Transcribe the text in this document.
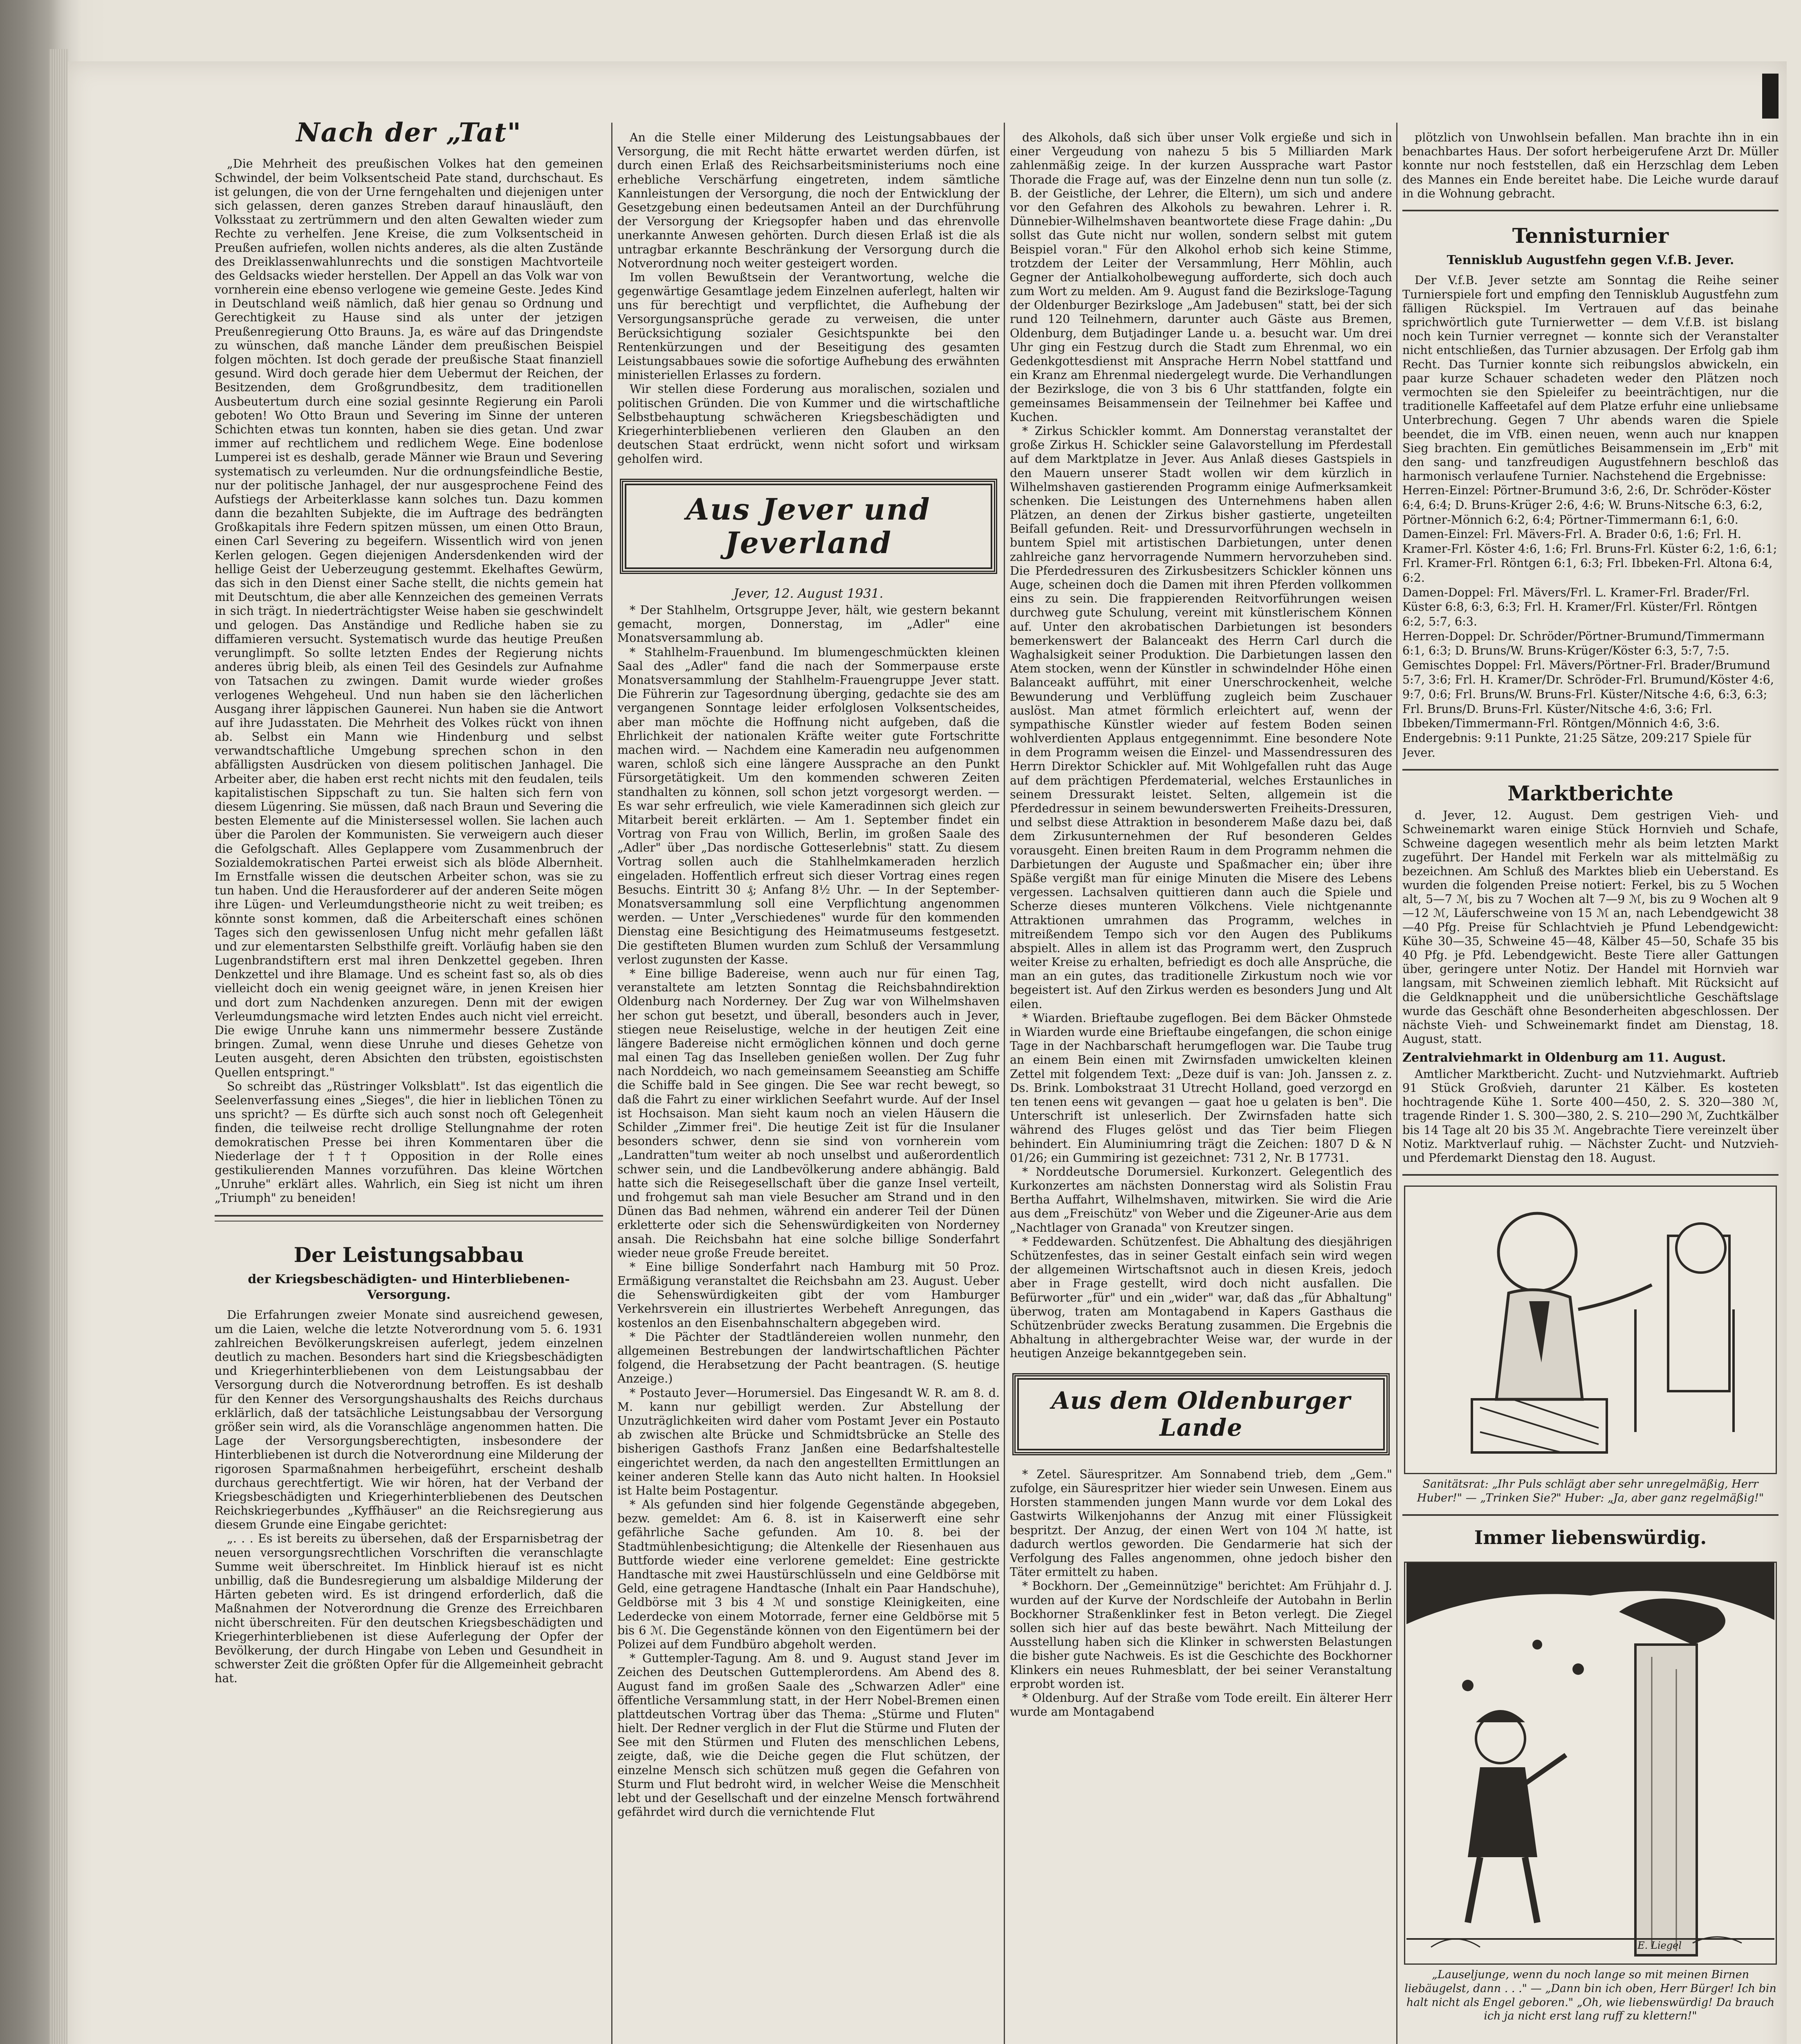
Nach der „Tat"

„Die Mehrheit des preußischen Volkes hat den gemeinen Schwindel, der beim Volksentscheid Pate stand, durchschaut. Es ist gelungen, die von der Urne ferngehalten und diejenigen unter sich gelassen, deren ganzes Streben darauf hinausläuft, den Volksstaat zu zertrümmern und den alten Gewalten wieder zum Rechte zu verhelfen. Jene Kreise, die zum Volksentscheid in Preußen aufriefen, wollen nichts anderes, als die alten Zustände des Dreiklassenwahlunrechts und die sonstigen Machtvorteile des Geldsacks wieder herstellen. Der Appell an das Volk war von vornherein eine ebenso verlogene wie gemeine Geste. Jedes Kind in Deutschland weiß nämlich, daß hier genau so Ordnung und Gerechtigkeit zu Hause sind als unter der jetzigen Preußenregierung Otto Brauns. Ja, es wäre auf das Dringendste zu wünschen, daß manche Länder dem preußischen Beispiel folgen möchten. Ist doch gerade der preußische Staat finanziell gesund. Wird doch gerade hier dem Uebermut der Reichen, der Besitzenden, dem Großgrundbesitz, dem traditionellen Ausbeutertum durch eine sozial gesinnte Regierung ein Paroli geboten! Wo Otto Braun und Severing im Sinne der unteren Schichten etwas tun konnten, haben sie dies getan. Und zwar immer auf rechtlichem und redlichem Wege. Eine bodenlose Lumperei ist es deshalb, gerade Männer wie Braun und Severing systematisch zu verleumden. Nur die ordnungsfeindliche Bestie, nur der politische Janhagel, der nur ausgesprochene Feind des Aufstiegs der Arbeiterklasse kann solches tun. Dazu kommen dann die bezahlten Subjekte, die im Auftrage des bedrängten Großkapitals ihre Federn spitzen müssen, um einen Otto Braun, einen Carl Severing zu begeifern. Wissentlich wird von jenen Kerlen gelogen. Gegen diejenigen Andersdenkenden wird der hellige Geist der Ueberzeugung gestemmt. Ekelhaftes Gewürm, das sich in den Dienst einer Sache stellt, die nichts gemein hat mit Deutschtum, die aber alle Kennzeichen des gemeinen Verrats in sich trägt. In niederträchtigster Weise haben sie geschwindelt und gelogen. Das Anständige und Redliche haben sie zu diffamieren versucht. Systematisch wurde das heutige Preußen verunglimpft. So sollte letzten Endes der Regierung nichts anderes übrig bleib, als einen Teil des Gesindels zur Aufnahme von Tatsachen zu zwingen. Damit wurde wieder großes verlogenes Wehgeheul. Und nun haben sie den lächerlichen Ausgang ihrer läppischen Gaunerei. Nun haben sie die Antwort auf ihre Judasstaten. Die Mehrheit des Volkes rückt von ihnen ab. Selbst ein Mann wie Hindenburg und selbst verwandtschaftliche Umgebung sprechen schon in den abfälligsten Ausdrücken von diesem politischen Janhagel. Die Arbeiter aber, die haben erst recht nichts mit den feudalen, teils kapitalistischen Sippschaft zu tun. Sie halten sich fern von diesem Lügenring. Sie müssen, daß nach Braun und Severing die besten Elemente auf die Ministersessel wollen. Sie lachen auch über die Parolen der Kommunisten. Sie verweigern auch dieser die Gefolgschaft. Alles Geplappere vom Zusammenbruch der Sozialdemokratischen Partei erweist sich als blöde Albernheit. Im Ernstfalle wissen die deutschen Arbeiter schon, was sie zu tun haben. Und die Herausforderer auf der anderen Seite mögen ihre Lügen- und Verleumdungstheorie nicht zu weit treiben; es könnte sonst kommen, daß die Arbeiterschaft eines schönen Tages sich den gewissenlosen Unfug nicht mehr gefallen läßt und zur elementarsten Selbsthilfe greift. Vorläufig haben sie den Lugenbrandstiftern erst mal ihren Denkzettel gegeben. Ihren Denkzettel und ihre Blamage. Und es scheint fast so, als ob dies vielleicht doch ein wenig geeignet wäre, in jenen Kreisen hier und dort zum Nachdenken anzuregen. Denn mit der ewigen Verleumdungsmache wird letzten Endes auch nicht viel erreicht. Die ewige Unruhe kann uns nimmermehr bessere Zustände bringen. Zumal, wenn diese Unruhe und dieses Gehetze von Leuten ausgeht, deren Absichten den trübsten, egoistischsten Quellen entspringt."

So schreibt das „Rüstringer Volksblatt". Ist das eigentlich die Seelenverfassung eines „Sieges", die hier in lieblichen Tönen zu uns spricht? — Es dürfte sich auch sonst noch oft Gelegenheit finden, die teilweise recht drollige Stellungnahme der roten demokratischen Presse bei ihren Kommentaren über die Niederlage der ††† Opposition in der Rolle eines gestikulierenden Mannes vorzuführen. Das kleine Wörtchen „Unruhe" erklärt alles. Wahrlich, ein Sieg ist nicht um ihren „Triumph" zu beneiden!

Der Leistungsabbau
der Kriegsbeschädigten- und Hinterbliebenen-Versorgung.

Die Erfahrungen zweier Monate sind ausreichend gewesen, um die Laien, welche die letzte Notverordnung vom 5. 6. 1931 zahlreichen Bevölkerungskreisen auferlegt, jedem einzelnen deutlich zu machen. Besonders hart sind die Kriegsbeschädigten und Kriegerhinterbliebenen von dem Leistungsabbau der Versorgung durch die Notverordnung betroffen. Es ist deshalb für den Kenner des Versorgungshaushalts des Reichs durchaus erklärlich, daß der tatsächliche Leistungsabbau der Versorgung größer sein wird, als die Voranschläge angenommen hatten. Die Lage der Versorgungsberechtigten, insbesondere der Hinterbliebenen ist durch die Notverordnung eine Milderung der rigorosen Sparmaßnahmen herbeigeführt, erscheint deshalb durchaus gerechtfertigt. Wie wir hören, hat der Verband der Kriegsbeschädigten und Kriegerhinterbliebenen des Deutschen Reichskriegerbundes „Kyffhäuser" an die Reichsregierung aus diesem Grunde eine Eingabe gerichtet:

„. . . Es ist bereits zu übersehen, daß der Ersparnisbetrag der neuen versorgungsrechtlichen Vorschriften die veranschlagte Summe weit überschreitet. Im Hinblick hierauf ist es nicht unbillig, daß die Bundesregierung um alsbaldige Milderung der Härten gebeten wird. Es ist dringend erforderlich, daß die Maßnahmen der Notverordnung die Grenze des Erreichbaren nicht überschreiten. Für den deutschen Kriegsbeschädigten und Kriegerhinterbliebenen ist diese Auferlegung der Opfer der Bevölkerung, der durch Hingabe von Leben und Gesundheit in schwerster Zeit die größten Opfer für die Allgemeinheit gebracht hat.

An die Stelle einer Milderung des Leistungsabbaues der Versorgung, die mit Recht hätte erwartet werden dürfen, ist durch einen Erlaß des Reichsarbeitsministeriums noch eine erhebliche Verschärfung eingetreten, indem sämtliche Kannleistungen der Versorgung, die noch der Entwicklung der Gesetzgebung einen bedeutsamen Anteil an der Durchführung der Versorgung der Kriegsopfer haben und das ehrenvolle unerkannte Anwesen gehörten. Durch diesen Erlaß ist die als untragbar erkannte Beschränkung der Versorgung durch die Notverordnung noch weiter gesteigert worden.

Im vollen Bewußtsein der Verantwortung, welche die gegenwärtige Gesamtlage jedem Einzelnen auferlegt, halten wir uns für berechtigt und verpflichtet, die Aufhebung der Versorgungsansprüche gerade zu verweisen, die unter Berücksichtigung sozialer Gesichtspunkte bei den Rentenkürzungen und der Beseitigung des gesamten Leistungsabbaues sowie die sofortige Aufhebung des erwähnten ministeriellen Erlasses zu fordern.

Wir stellen diese Forderung aus moralischen, sozialen und politischen Gründen. Die von Kummer und die wirtschaftliche Selbstbehauptung schwächeren Kriegsbeschädigten und Kriegerhinterbliebenen verlieren den Glauben an den deutschen Staat erdrückt, wenn nicht sofort und wirksam geholfen wird.

Aus Jever und Jeverland
Jever, 12. August 1931.

* Der Stahlhelm, Ortsgruppe Jever, hält, wie gestern bekannt gemacht, morgen, Donnerstag, im „Adler" eine Monatsversammlung ab.

* Stahlhelm-Frauenbund. Im blumengeschmückten kleinen Saal des „Adler" fand die nach der Sommerpause erste Monatsversammlung der Stahlhelm-Frauengruppe Jever statt. Die Führerin zur Tagesordnung überging, gedachte sie des am vergangenen Sonntage leider erfolglosen Volksentscheides, aber man möchte die Hoffnung nicht aufgeben, daß die Ehrlichkeit der nationalen Kräfte weiter gute Fortschritte machen wird. — Nachdem eine Kameradin neu aufgenommen waren, schloß sich eine längere Aussprache an den Punkt Fürsorgetätigkeit. Um den kommenden schweren Zeiten standhalten zu können, soll schon jetzt vorgesorgt werden. — Es war sehr erfreulich, wie viele Kameradinnen sich gleich zur Mitarbeit bereit erklärten. — Am 1. September findet ein Vortrag von Frau von Willich, Berlin, im großen Saale des „Adler" über „Das nordische Gotteserlebnis" statt. Zu diesem Vortrag sollen auch die Stahlhelmkameraden herzlich eingeladen. Hoffentlich erfreut sich dieser Vortrag eines regen Besuchs. Eintritt 30 ₰; Anfang 8½ Uhr. — In der September-Monatsversammlung soll eine Verpflichtung angenommen werden. — Unter „Verschiedenes" wurde für den kommenden Dienstag eine Besichtigung des Heimatmuseums festgesetzt. Die gestifteten Blumen wurden zum Schluß der Versammlung verlost zugunsten der Kasse.

* Eine billige Badereise, wenn auch nur für einen Tag, veranstaltete am letzten Sonntag die Reichsbahndirektion Oldenburg nach Norderney. Der Zug war von Wilhelmshaven her schon gut besetzt, und überall, besonders auch in Jever, stiegen neue Reiselustige, welche in der heutigen Zeit eine längere Badereise nicht ermöglichen können und doch gerne mal einen Tag das Inselleben genießen wollen. Der Zug fuhr nach Norddeich, wo nach gemeinsamem Seeanstieg am Schiffe die Schiffe bald in See gingen. Die See war recht bewegt, so daß die Fahrt zu einer wirklichen Seefahrt wurde. Auf der Insel ist Hochsaison. Man sieht kaum noch an vielen Häusern die Schilder „Zimmer frei". Die heutige Zeit ist für die Insulaner besonders schwer, denn sie sind von vornherein vom „Landratten"tum weiter ab noch unselbst und außerordentlich schwer sein, und die Landbevölkerung andere abhängig. Bald hatte sich die Reisegesellschaft über die ganze Insel verteilt, und frohgemut sah man viele Besucher am Strand und in den Dünen das Bad nehmen, während ein anderer Teil der Dünen erkletterte oder sich die Sehenswürdigkeiten von Norderney ansah. Die Reichsbahn hat eine solche billige Sonderfahrt wieder neue große Freude bereitet.

* Eine billige Sonderfahrt nach Hamburg mit 50 Proz. Ermäßigung veranstaltet die Reichsbahn am 23. August. Ueber die Sehenswürdigkeiten gibt der vom Hamburger Verkehrsverein ein illustriertes Werbeheft Anregungen, das kostenlos an den Eisenbahnschaltern abgegeben wird.

* Die Pächter der Stadtländereien wollen nunmehr, den allgemeinen Bestrebungen der landwirtschaftlichen Pächter folgend, die Herabsetzung der Pacht beantragen. (S. heutige Anzeige.)

* Postauto Jever—Horumersiel. Das Eingesandt W. R. am 8. d. M. kann nur gebilligt werden. Zur Abstellung der Unzuträglichkeiten wird daher vom Postamt Jever ein Postauto ab zwischen alte Brücke und Schmidtsbrücke an Stelle des bisherigen Gasthofs Franz Janßen eine Bedarfshaltestelle eingerichtet werden, da nach den angestellten Ermittlungen an keiner anderen Stelle kann das Auto nicht halten. In Hooksiel ist Halte beim Postagentur.

* Als gefunden sind hier folgende Gegenstände abgegeben, bezw. gemeldet: Am 6. 8. ist in Kaiserwerft eine sehr gefährliche Sache gefunden. Am 10. 8. bei der Stadtmühlenbesichtigung; die Altenkelle der Riesenhauen aus Buttforde wieder eine verlorene gemeldet: Eine gestrickte Handtasche mit zwei Haustürschlüsseln und eine Geldbörse mit Geld, eine getragene Handtasche (Inhalt ein Paar Handschuhe), Geldbörse mit 3 bis 4 ℳ und sonstige Kleinigkeiten, eine Lederdecke von einem Motorrade, ferner eine Geldbörse mit 5 bis 6 ℳ. Die Gegenstände können von den Eigentümern bei der Polizei auf dem Fundbüro abgeholt werden.

* Guttempler-Tagung. Am 8. und 9. August stand Jever im Zeichen des Deutschen Guttemplerordens. Am Abend des 8. August fand im großen Saale des „Schwarzen Adler" eine öffentliche Versammlung statt, in der Herr Nobel-Bremen einen plattdeutschen Vortrag über das Thema: „Stürme und Fluten" hielt. Der Redner verglich in der Flut die Stürme und Fluten der See mit den Stürmen und Fluten des menschlichen Lebens, zeigte, daß, wie die Deiche gegen die Flut schützen, der einzelne Mensch sich schützen muß gegen die Gefahren von Sturm und Flut bedroht wird, in welcher Weise die Menschheit lebt und der Gesellschaft und der einzelne Mensch fortwährend gefährdet wird durch die vernichtende Flut

des Alkohols, daß sich über unser Volk ergieße und sich in einer Vergeudung von nahezu 5 bis 5 Milliarden Mark zahlenmäßig zeige. In der kurzen Aussprache wart Pastor Thorade die Frage auf, was der Einzelne denn nun tun solle (z. B. der Geistliche, der Lehrer, die Eltern), um sich und andere vor den Gefahren des Alkohols zu bewahren. Lehrer i. R. Dünnebier-Wilhelmshaven beantwortete diese Frage dahin: „Du sollst das Gute nicht nur wollen, sondern selbst mit gutem Beispiel voran." Für den Alkohol erhob sich keine Stimme, trotzdem der Leiter der Versammlung, Herr Möhlin, auch Gegner der Antialkoholbewegung aufforderte, sich doch auch zum Wort zu melden. Am 9. August fand die Bezirksloge-Tagung der Oldenburger Bezirksloge „Am Jadebusen" statt, bei der sich rund 120 Teilnehmern, darunter auch Gäste aus Bremen, Oldenburg, dem Butjadinger Lande u. a. besucht war. Um drei Uhr ging ein Festzug durch die Stadt zum Ehrenmal, wo ein Gedenkgottesdienst mit Ansprache Herrn Nobel stattfand und ein Kranz am Ehrenmal niedergelegt wurde. Die Verhandlungen der Bezirksloge, die von 3 bis 6 Uhr stattfanden, folgte ein gemeinsames Beisammensein der Teilnehmer bei Kaffee und Kuchen.

* Zirkus Schickler kommt. Am Donnerstag veranstaltet der große Zirkus H. Schickler seine Galavorstellung im Pferdestall auf dem Marktplatze in Jever. Aus Anlaß dieses Gastspiels in den Mauern unserer Stadt wollen wir dem kürzlich in Wilhelmshaven gastierenden Programm einige Aufmerksamkeit schenken. Die Leistungen des Unternehmens haben allen Plätzen, an denen der Zirkus bisher gastierte, ungeteilten Beifall gefunden. Reit- und Dressurvorführungen wechseln in buntem Spiel mit artistischen Darbietungen, unter denen zahlreiche ganz hervorragende Nummern hervorzuheben sind. Die Pferdedressuren des Zirkusbesitzers Schickler können uns Auge, scheinen doch die Damen mit ihren Pferden vollkommen eins zu sein. Die frappierenden Reitvorführungen weisen durchweg gute Schulung, vereint mit künstlerischem Können auf. Unter den akrobatischen Darbietungen ist besonders bemerkenswert der Balanceakt des Herrn Carl durch die Waghalsigkeit seiner Produktion. Die Darbietungen lassen den Atem stocken, wenn der Künstler in schwindelnder Höhe einen Balanceakt aufführt, mit einer Unerschrockenheit, welche Bewunderung und Verblüffung zugleich beim Zuschauer auslöst. Man atmet förmlich erleichtert auf, wenn der sympathische Künstler wieder auf festem Boden seinen wohlverdienten Applaus entgegennimmt. Eine besondere Note in dem Programm weisen die Einzel- und Massendressuren des Herrn Direktor Schickler auf. Mit Wohlgefallen ruht das Auge auf dem prächtigen Pferdematerial, welches Erstaunliches in seinem Dressurakt leistet. Selten, allgemein ist die Pferdedressur in seinem bewunderswerten Freiheits-Dressuren, und selbst diese Attraktion in besonderem Maße dazu bei, daß dem Zirkusunternehmen der Ruf besonderen Geldes vorausgeht. Einen breiten Raum in dem Programm nehmen die Darbietungen der Auguste und Spaßmacher ein; über ihre Späße vergißt man für einige Minuten die Misere des Lebens vergessen. Lachsalven quittieren dann auch die Spiele und Scherze dieses munteren Völkchens. Viele nichtgenannte Attraktionen umrahmen das Programm, welches in mitreißendem Tempo sich vor den Augen des Publikums abspielt. Alles in allem ist das Programm wert, den Zuspruch weiter Kreise zu erhalten, befriedigt es doch alle Ansprüche, die man an ein gutes, das traditionelle Zirkustum noch wie vor begeistert ist. Auf den Zirkus werden es besonders Jung und Alt eilen.

* Wiarden. Brieftaube zugeflogen. Bei dem Bäcker Ohmstede in Wiarden wurde eine Brieftaube eingefangen, die schon einige Tage in der Nachbarschaft herumgeflogen war. Die Taube trug an einem Bein einen mit Zwirnsfaden umwickelten kleinen Zettel mit folgendem Text: „Deze duif is van: Joh. Janssen z. z. Ds. Brink. Lombokstraat 31 Utrecht Holland, goed verzorgd en ten tenen eens wit gevangen — gaat hoe u gelaten is ben". Die Unterschrift ist unleserlich. Der Zwirnsfaden hatte sich während des Fluges gelöst und das Tier beim Fliegen behindert. Ein Aluminiumring trägt die Zeichen: 1807 D & N 01/26; ein Gummiring ist gezeichnet: 731 2, Nr. B 17731.

* Norddeutsche Dorumersiel. Kurkonzert. Gelegentlich des Kurkonzertes am nächsten Donnerstag wird als Solistin Frau Bertha Auffahrt, Wilhelmshaven, mitwirken. Sie wird die Arie aus dem „Freischütz" von Weber und die Zigeuner-Arie aus dem „Nachtlager von Granada" von Kreutzer singen.

* Feddewarden. Schützenfest. Die Abhaltung des diesjährigen Schützenfestes, das in seiner Gestalt einfach sein wird wegen der allgemeinen Wirtschaftsnot auch in diesen Kreis, jedoch aber in Frage gestellt, wird doch nicht ausfallen. Die Befürworter „für" und ein „wider" war, daß das „für Abhaltung" überwog, traten am Montagabend in Kapers Gasthaus die Schützenbrüder zwecks Beratung zusammen. Die Ergebnis die Abhaltung in althergebrachter Weise war, der wurde in der heutigen Anzeige bekanntgegeben sein.

Aus dem Oldenburger Lande

* Zetel. Säurespritzer. Am Sonnabend trieb, dem „Gem." zufolge, ein Säurespritzer hier wieder sein Unwesen. Einem aus Horsten stammenden jungen Mann wurde vor dem Lokal des Gastwirts Wilkenjohanns der Anzug mit einer Flüssigkeit bespritzt. Der Anzug, der einen Wert von 104 ℳ hatte, ist dadurch wertlos geworden. Die Gendarmerie hat sich der Verfolgung des Falles angenommen, ohne jedoch bisher den Täter ermittelt zu haben.

* Bockhorn. Der „Gemeinnützige" berichtet: Am Frühjahr d. J. wurden auf der Kurve der Nordschleife der Autobahn in Berlin Bockhorner Straßenklinker fest in Beton verlegt. Die Ziegel sollen sich hier auf das beste bewährt. Nach Mitteilung der Ausstellung haben sich die Klinker in schwersten Belastungen die bisher gute Nachweis. Es ist die Geschichte des Bockhorner Klinkers ein neues Ruhmesblatt, der bei seiner Veranstaltung erprobt worden ist.

* Oldenburg. Auf der Straße vom Tode ereilt. Ein älterer Herr wurde am Montagabend

plötzlich von Unwohlsein befallen. Man brachte ihn in ein benachbartes Haus. Der sofort herbeigerufene Arzt Dr. Müller konnte nur noch feststellen, daß ein Herzschlag dem Leben des Mannes ein Ende bereitet habe. Die Leiche wurde darauf in die Wohnung gebracht.

Tennisturnier
Tennisklub Augustfehn gegen V.f.B. Jever.

Der V.f.B. Jever setzte am Sonntag die Reihe seiner Turnierspiele fort und empfing den Tennisklub Augustfehn zum fälligen Rückspiel. Im Vertrauen auf das beinahe sprichwörtlich gute Turnierwetter — dem V.f.B. ist bislang noch kein Turnier verregnet — konnte sich der Veranstalter nicht entschließen, das Turnier abzusagen. Der Erfolg gab ihm Recht. Das Turnier konnte sich reibungslos abwickeln, ein paar kurze Schauer schadeten weder den Plätzen noch vermochten sie den Spieleifer zu beeinträchtigen, nur die traditionelle Kaffeetafel auf dem Platze erfuhr eine unliebsame Unterbrechung. Gegen 7 Uhr abends waren die Spiele beendet, die im VfB. einen neuen, wenn auch nur knappen Sieg brachten. Ein gemütliches Beisammensein im „Erb" mit den sang- und tanzfreudigen Augustfehnern beschloß das harmonisch verlaufene Turnier. Nachstehend die Ergebnisse:

Herren-Einzel: Pörtner-Brumund 3:6, 2:6, Dr. Schröder-Köster 6:4, 6:4; D. Bruns-Krüger 2:6, 4:6; W. Bruns-Nitsche 6:3, 6:2, Pörtner-Mönnich 6:2, 6:4; Pörtner-Timmermann 6:1, 6:0.
Damen-Einzel: Frl. Mävers-Frl. A. Brader 0:6, 1:6; Frl. H. Kramer-Frl. Köster 4:6, 1:6; Frl. Bruns-Frl. Küster 6:2, 1:6, 6:1; Frl. Kramer-Frl. Röntgen 6:1, 6:3; Frl. Ibbeken-Frl. Altona 6:4, 6:2.
Damen-Doppel: Frl. Mävers/Frl. L. Kramer-Frl. Brader/Frl. Küster 6:8, 6:3, 6:3; Frl. H. Kramer/Frl. Küster/Frl. Röntgen 6:2, 5:7, 6:3.
Herren-Doppel: Dr. Schröder/Pörtner-Brumund/Timmermann 6:1, 6:3; D. Bruns/W. Bruns-Krüger/Köster 6:3, 5:7, 7:5.
Gemischtes Doppel: Frl. Mävers/Pörtner-Frl. Brader/Brumund 5:7, 3:6; Frl. H. Kramer/Dr. Schröder-Frl. Brumund/Köster 4:6, 9:7, 0:6; Frl. Bruns/W. Bruns-Frl. Küster/Nitsche 4:6, 6:3, 6:3; Frl. Bruns/D. Bruns-Frl. Küster/Nitsche 4:6, 3:6; Frl. Ibbeken/Timmermann-Frl. Röntgen/Mönnich 4:6, 3:6. Endergebnis: 9:11 Punkte, 21:25 Sätze, 209:217 Spiele für Jever.
Marktberichte

d. Jever, 12. August. Dem gestrigen Vieh- und Schweinemarkt waren einige Stück Hornvieh und Schafe, Schweine dagegen wesentlich mehr als beim letzten Markt zugeführt. Der Handel mit Ferkeln war als mittelmäßig zu bezeichnen. Am Schluß des Marktes blieb ein Ueberstand. Es wurden die folgenden Preise notiert: Ferkel, bis zu 5 Wochen alt, 5—7 ℳ, bis zu 7 Wochen alt 7—9 ℳ, bis zu 9 Wochen alt 9—12 ℳ, Läuferschweine von 15 ℳ an, nach Lebendgewicht 38—40 Pfg. Preise für Schlachtvieh je Pfund Lebendgewicht: Kühe 30—35, Schweine 45—48, Kälber 45—50, Schafe 35 bis 40 Pfg. je Pfd. Lebendgewicht. Beste Tiere aller Gattungen über, geringere unter Notiz. Der Handel mit Hornvieh war langsam, mit Schweinen ziemlich lebhaft. Mit Rücksicht auf die Geldknappheit und die unübersichtliche Geschäftslage wurde das Geschäft ohne Besonderheiten abgeschlossen. Der nächste Vieh- und Schweinemarkt findet am Dienstag, 18. August, statt.

Zentralviehmarkt in Oldenburg am 11. August.

Amtlicher Marktbericht. Zucht- und Nutzviehmarkt. Auftrieb 91 Stück Großvieh, darunter 21 Kälber. Es kosteten hochtragende Kühe 1. Sorte 400—450, 2. S. 320—380 ℳ, tragende Rinder 1. S. 300—380, 2. S. 210—290 ℳ, Zuchtkälber bis 14 Tage alt 20 bis 35 ℳ. Angebrachte Tiere vereinzelt über Notiz. Marktverlauf ruhig. — Nächster Zucht- und Nutzvieh- und Pferdemarkt Dienstag den 18. August.

Sanitätsrat: „Ihr Puls schlägt aber sehr unregelmäßig, Herr Huber!" — „Trinken Sie?" Huber: „Ja, aber ganz regelmäßig!"
Immer liebenswürdig.
E. Liegel
„Lauseljunge, wenn du noch lange so mit meinen Birnen liebäugelst, dann . . ." — „Dann bin ich oben, Herr Bürger! Ich bin halt nicht als Engel geboren." „Oh, wie liebenswürdig! Da brauch ich ja nicht erst lang ruff zu klettern!"
